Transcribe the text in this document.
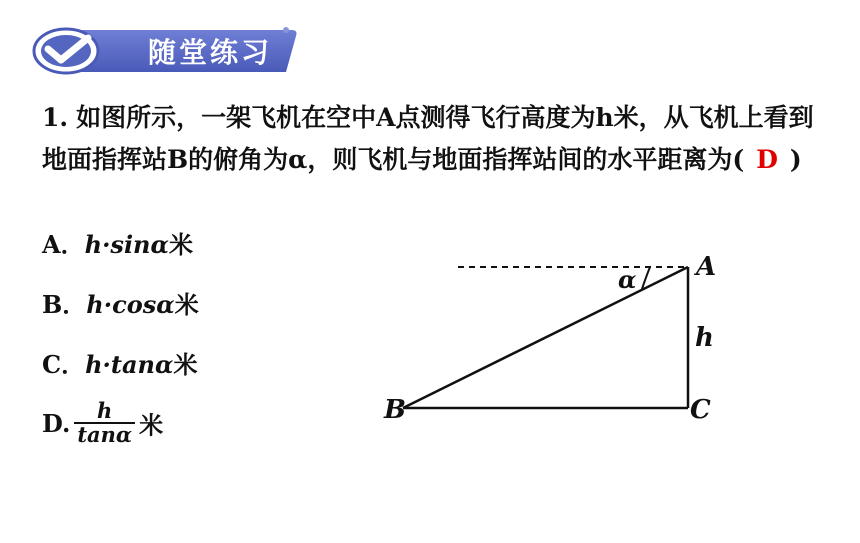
随堂练习
1. 如图所示，一架飞机在空中A点测得飞行高度为h米，从飞机上看到地面指挥站B的俯角为α，则飞机与地面指挥站间的水平距离为( D )
A．h·sinα米
B．h·cosα米
C．h·tanα米
D. $\frac{h}{\tan\alpha}$ 米
A
B	C
h
α
